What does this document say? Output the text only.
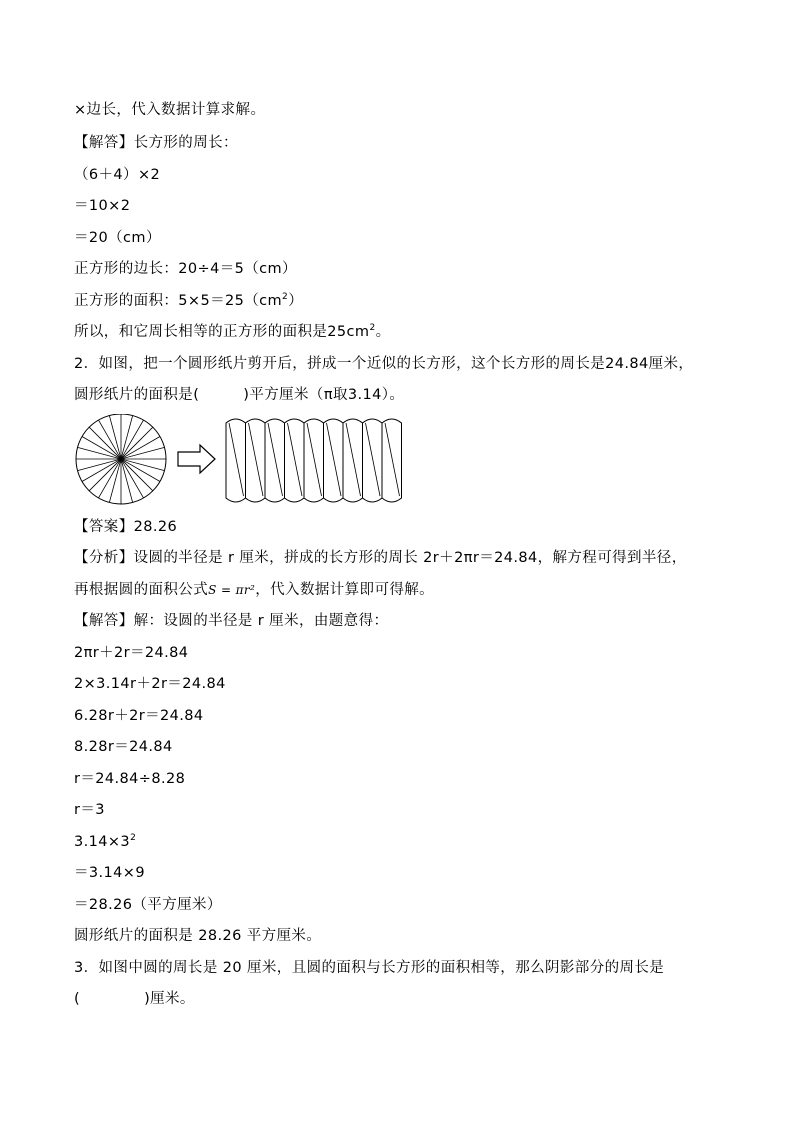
×边长，代入数据计算求解。
【解答】长方形的周长：
（6＋4）×2
＝10×2
＝20（cm）
正方形的边长：20÷4＝5（cm）
正方形的面积：$5\times 5=25(cm^2)$
所以，和它周长相等的正方形的面积是$25cm^2$。
2．如图，把一个圆形纸片剪开后，拼成一个近似的长方形，这个长方形的周长是24.84厘米，
圆形纸片的面积是(	)平方厘米（π取3.14）。
【答案】28.26
【分析】设圆的半径是 r 厘米，拼成的长方形的周长 2r＋2πr＝24.84，解方程可得到半径，
再根据圆的面积公式S = πr²，代入数据计算即可得解。
【解答】解：设圆的半径是 r 厘米，由题意得：
2πr＋2r＝24.84
2×3.14r＋2r＝24.84
6.28r＋2r＝24.84
8.28r＝24.84
r＝24.84÷8.28
r＝3
$3.14\times 3^2$
＝3.14×9
＝28.26（平方厘米）
圆形纸片的面积是 28.26 平方厘米。
3．如图中圆的周长是 20 厘米，且圆的面积与长方形的面积相等，那么阴影部分的周长是
(	)厘米。
